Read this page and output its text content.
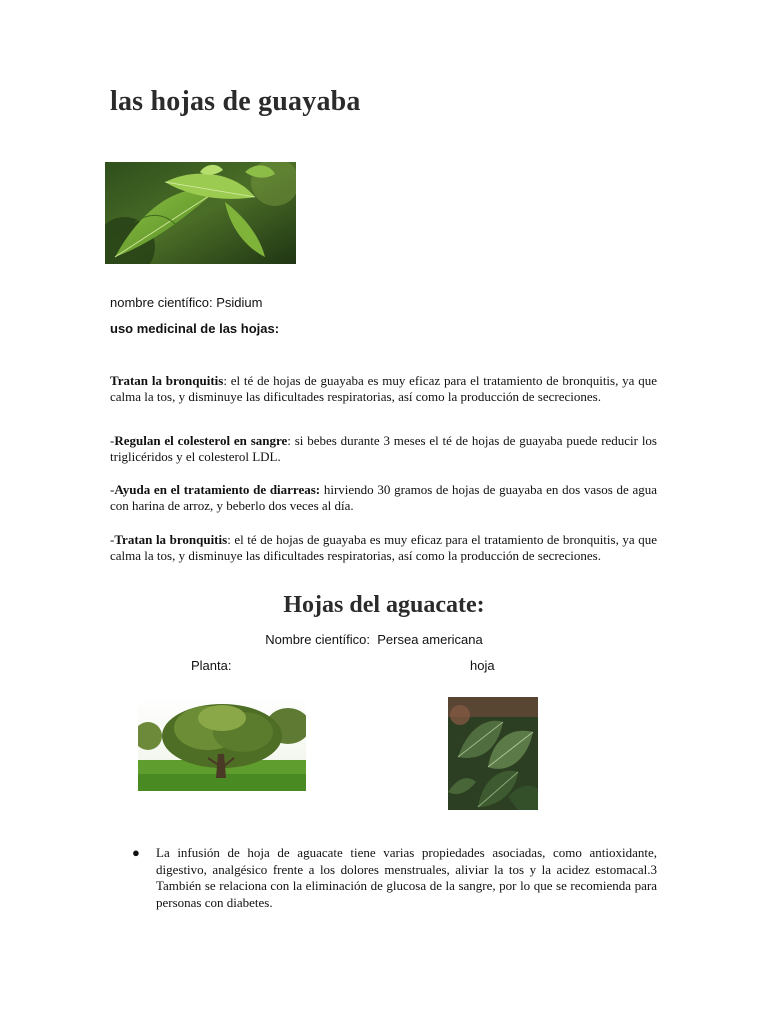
las hojas de guayaba
nombre científico: Psidium
uso medicinal de las hojas:
Tratan la bronquitis: el té de hojas de guayaba es muy eficaz para el tratamiento de bronquitis, ya que calma la tos, y disminuye las dificultades respiratorias, así como la producción de secreciones.
-Regulan el colesterol en sangre: si bebes durante 3 meses el té de hojas de guayaba puede reducir los triglicéridos y el colesterol LDL.
-Ayuda en el tratamiento de diarreas: hirviendo 30 gramos de hojas de guayaba en dos vasos de agua con harina de arroz, y beberlo dos veces al día.
-Tratan la bronquitis: el té de hojas de guayaba es muy eficaz para el tratamiento de bronquitis, ya que calma la tos, y disminuye las dificultades respiratorias, así como la producción de secreciones.
Hojas del aguacate:
Nombre científico: Persea americana
Planta:	hoja
● La infusión de hoja de aguacate tiene varias propiedades asociadas, como antioxidante, digestivo, analgésico frente a los dolores menstruales, aliviar la tos y la acidez estomacal.3 También se relaciona con la eliminación de glucosa de la sangre, por lo que se recomienda para personas con diabetes.
